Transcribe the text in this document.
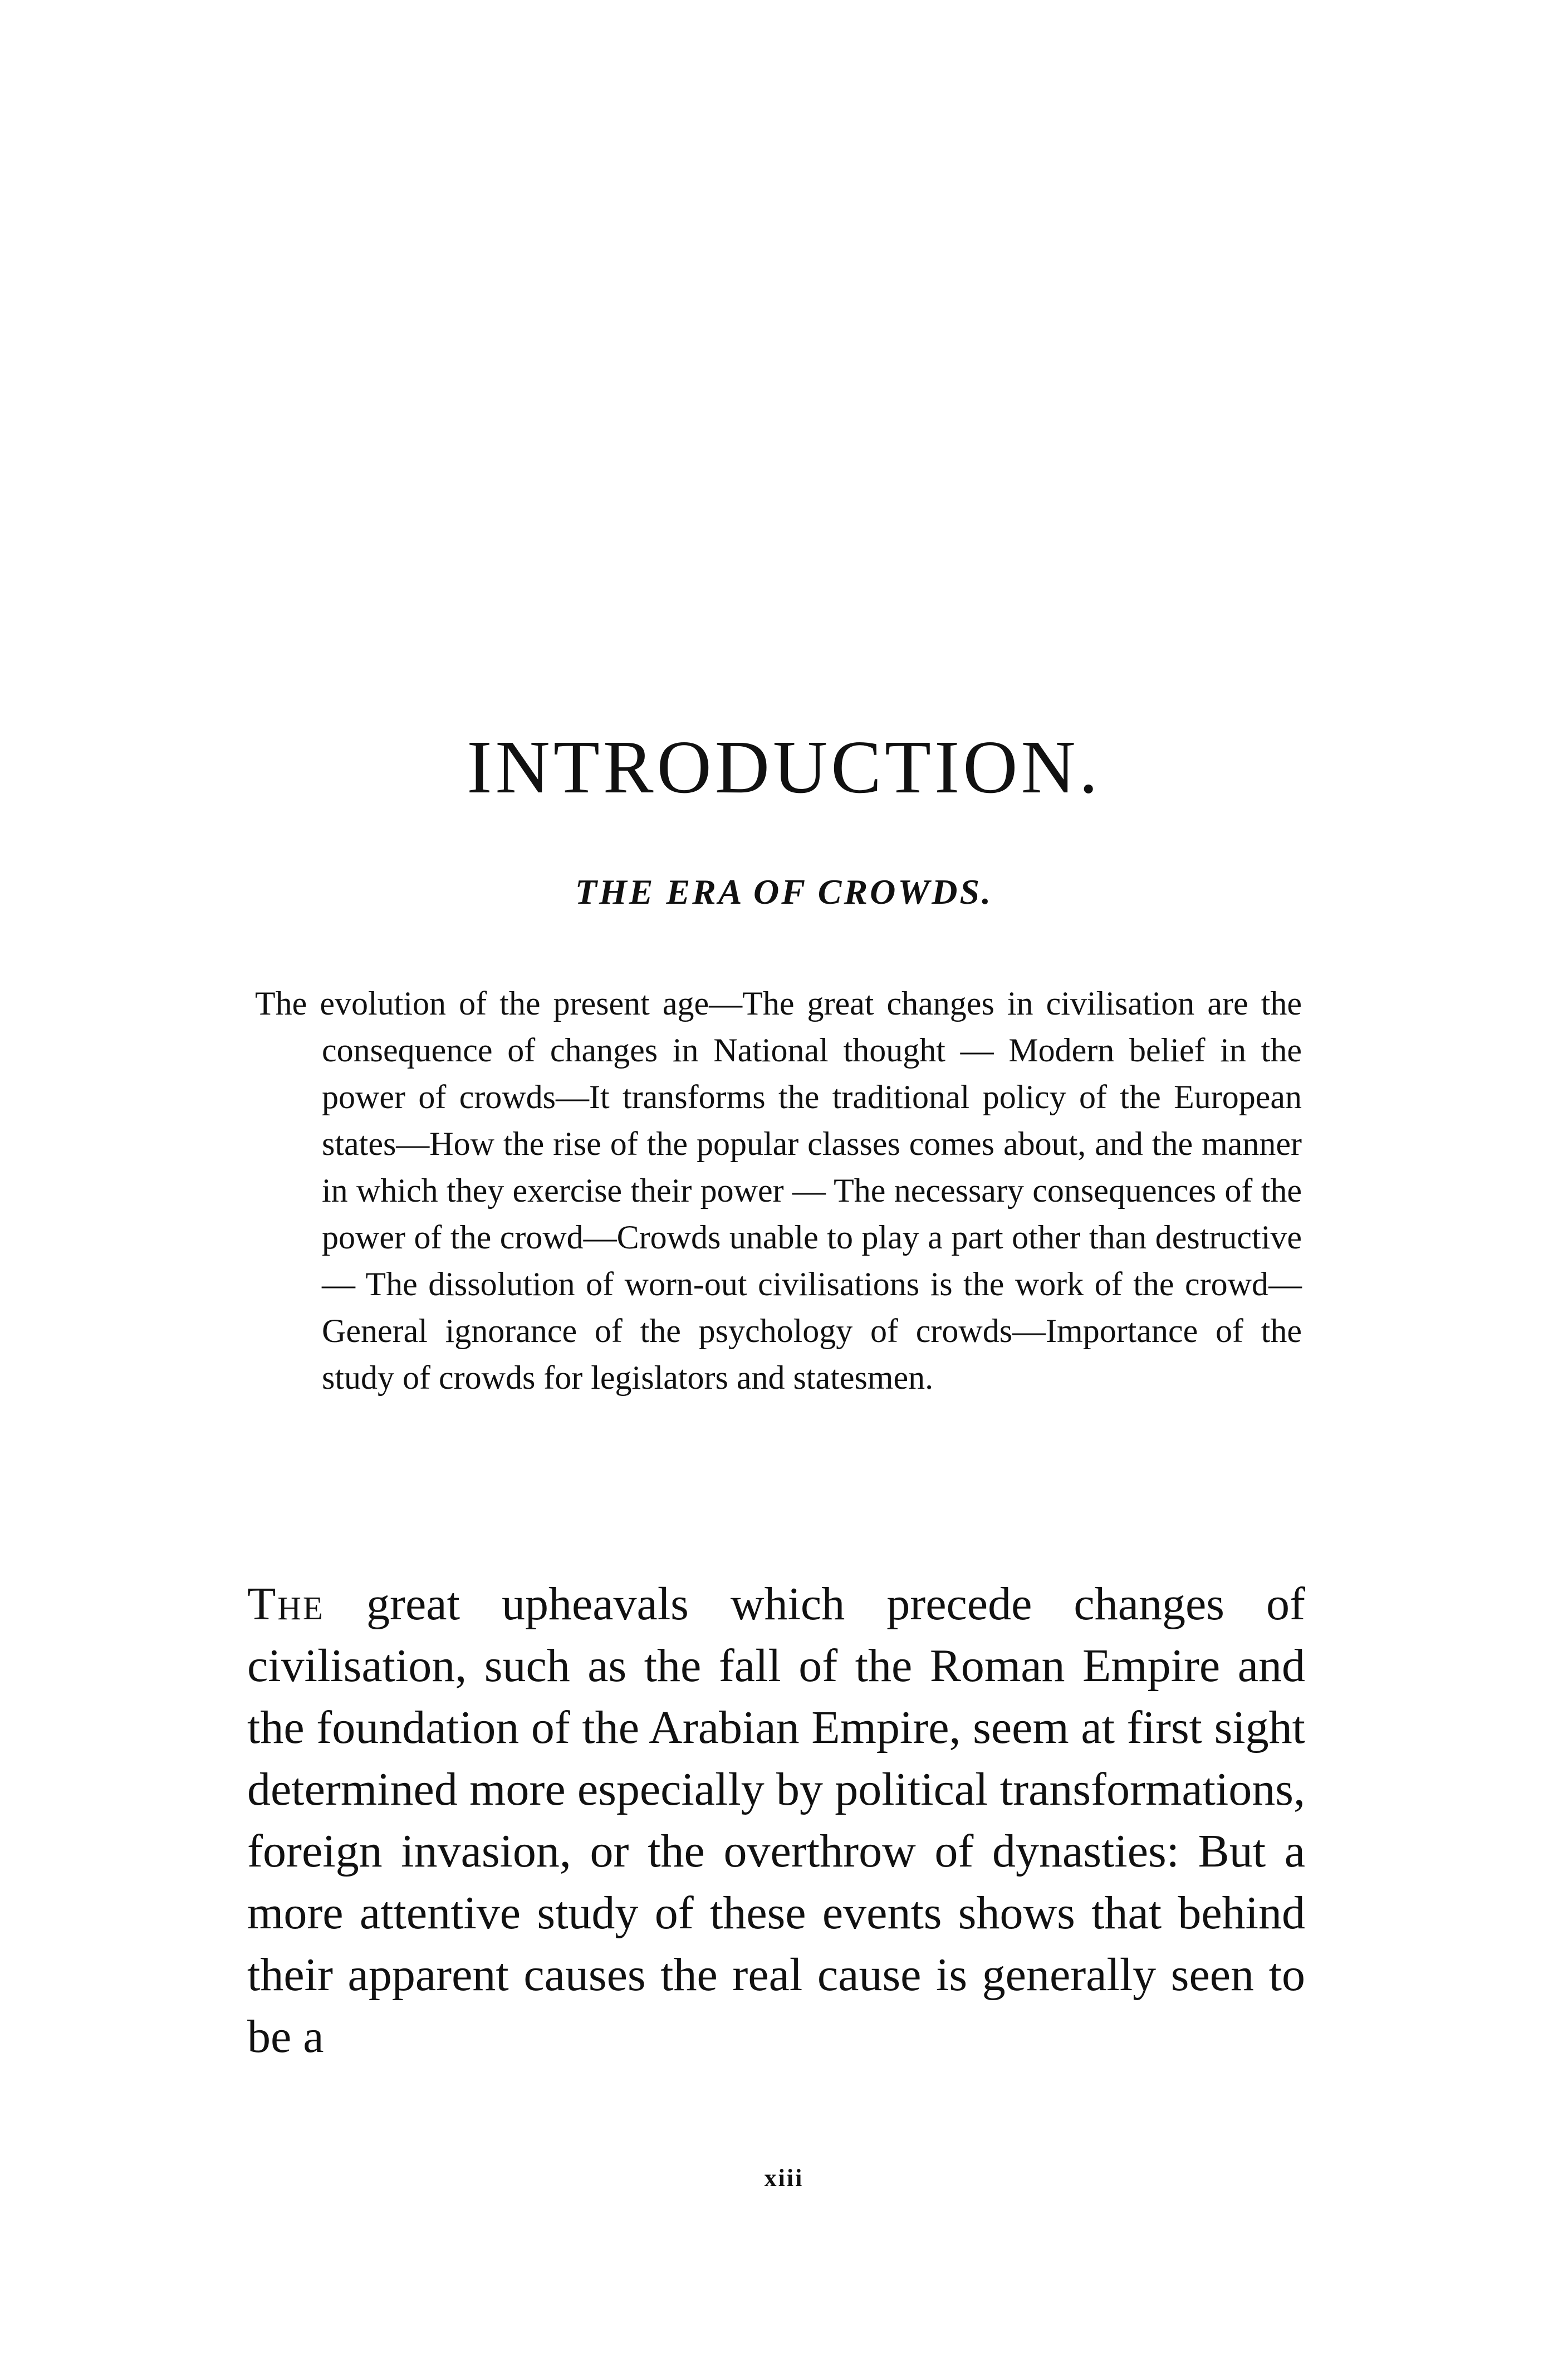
INTRODUCTION.
THE ERA OF CROWDS.

The evolution of the present age—The great changes in civilisation are the consequence of changes in National thought — Modern belief in the power of crowds—It transforms the traditional policy of the European states—How the rise of the popular classes comes about, and the manner in which they exercise their power — The necessary consequences of the power of the crowd—Crowds unable to play a part other than destructive — The dissolution of worn-out civilisations is the work of the crowd—General ignorance of the psychology of crowds—Importance of the study of crowds for legislators and statesmen.

The great upheavals which precede changes of civilisation, such as the fall of the Roman Empire and the foundation of the Arabian Empire, seem at first sight determined more especially by political transformations, foreign invasion, or the overthrow of dynasties: But a more attentive study of these events shows that behind their apparent causes the real cause is generally seen to be a

xiii
